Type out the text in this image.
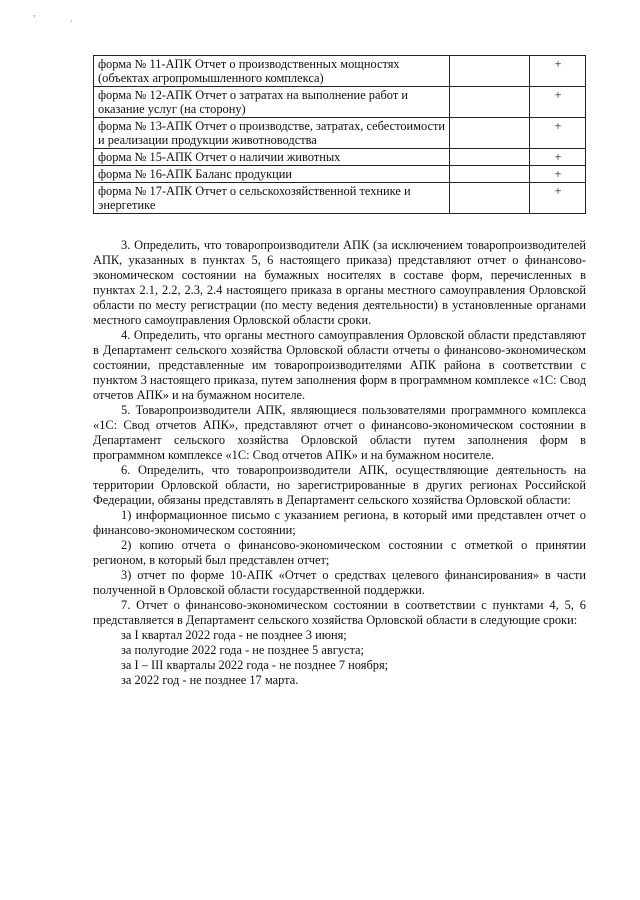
ˇ	·
форма № 11-АПК Отчет о производственных мощностях (объектах агропромышленного комплекса)		+
форма № 12-АПК Отчет о затратах на выполнение работ и оказание услуг (на сторону)		+
форма № 13-АПК Отчет о производстве, затратах, себестоимости и реализации продукции животноводства		+
форма № 15-АПК Отчет о наличии животных		+
форма № 16-АПК Баланс продукции		+
форма № 17-АПК Отчет о сельскохозяйственной технике и энергетике		+

3. Определить, что товаропроизводители АПК (за исключением товаропроизводителей АПК, указанных в пунктах 5, 6 настоящего приказа) представляют отчет о финансово-экономическом состоянии на бумажных носителях в составе форм, перечисленных в пунктах 2.1, 2.2, 2.3, 2.4 настоящего приказа в органы местного самоуправления Орловской области по месту регистрации (по месту ведения деятельности) в установленные органами местного самоуправления Орловской области сроки.

4. Определить, что органы местного самоуправления Орловской области представляют в Департамент сельского хозяйства Орловской области отчеты о финансово-экономическом состоянии, представленные им товаропроизводителями АПК района в соответствии с пунктом 3 настоящего приказа, путем заполнения форм в программном комплексе «1С: Свод отчетов АПК» и на бумажном носителе.

5. Товаропроизводители АПК, являющиеся пользователями программного комплекса «1С: Свод отчетов АПК», представляют отчет о финансово-экономическом состоянии в Департамент сельского хозяйства Орловской области путем заполнения форм в программном комплексе «1С: Свод отчетов АПК» и на бумажном носителе.

6. Определить, что товаропроизводители АПК, осуществляющие деятельность на территории Орловской области, но зарегистрированные в других регионах Российской Федерации, обязаны представлять в Департамент сельского хозяйства Орловской области:

1) информационное письмо с указанием региона, в который ими представлен отчет о финансово-экономическом состоянии;

2) копию отчета о финансово-экономическом состоянии с отметкой о принятии регионом, в который был представлен отчет;

3) отчет по форме 10-АПК «Отчет о средствах целевого финансирования» в части полученной в Орловской области государственной поддержки.

7. Отчет о финансово-экономическом состоянии в соответствии с пунктами 4, 5, 6 представляется в Департамент сельского хозяйства Орловской области в следующие сроки:

за I квартал 2022 года - не позднее 3 июня;

за полугодие 2022 года - не позднее 5 августа;

за I – III кварталы 2022 года - не позднее 7 ноября;

за 2022 год - не позднее 17 марта.
